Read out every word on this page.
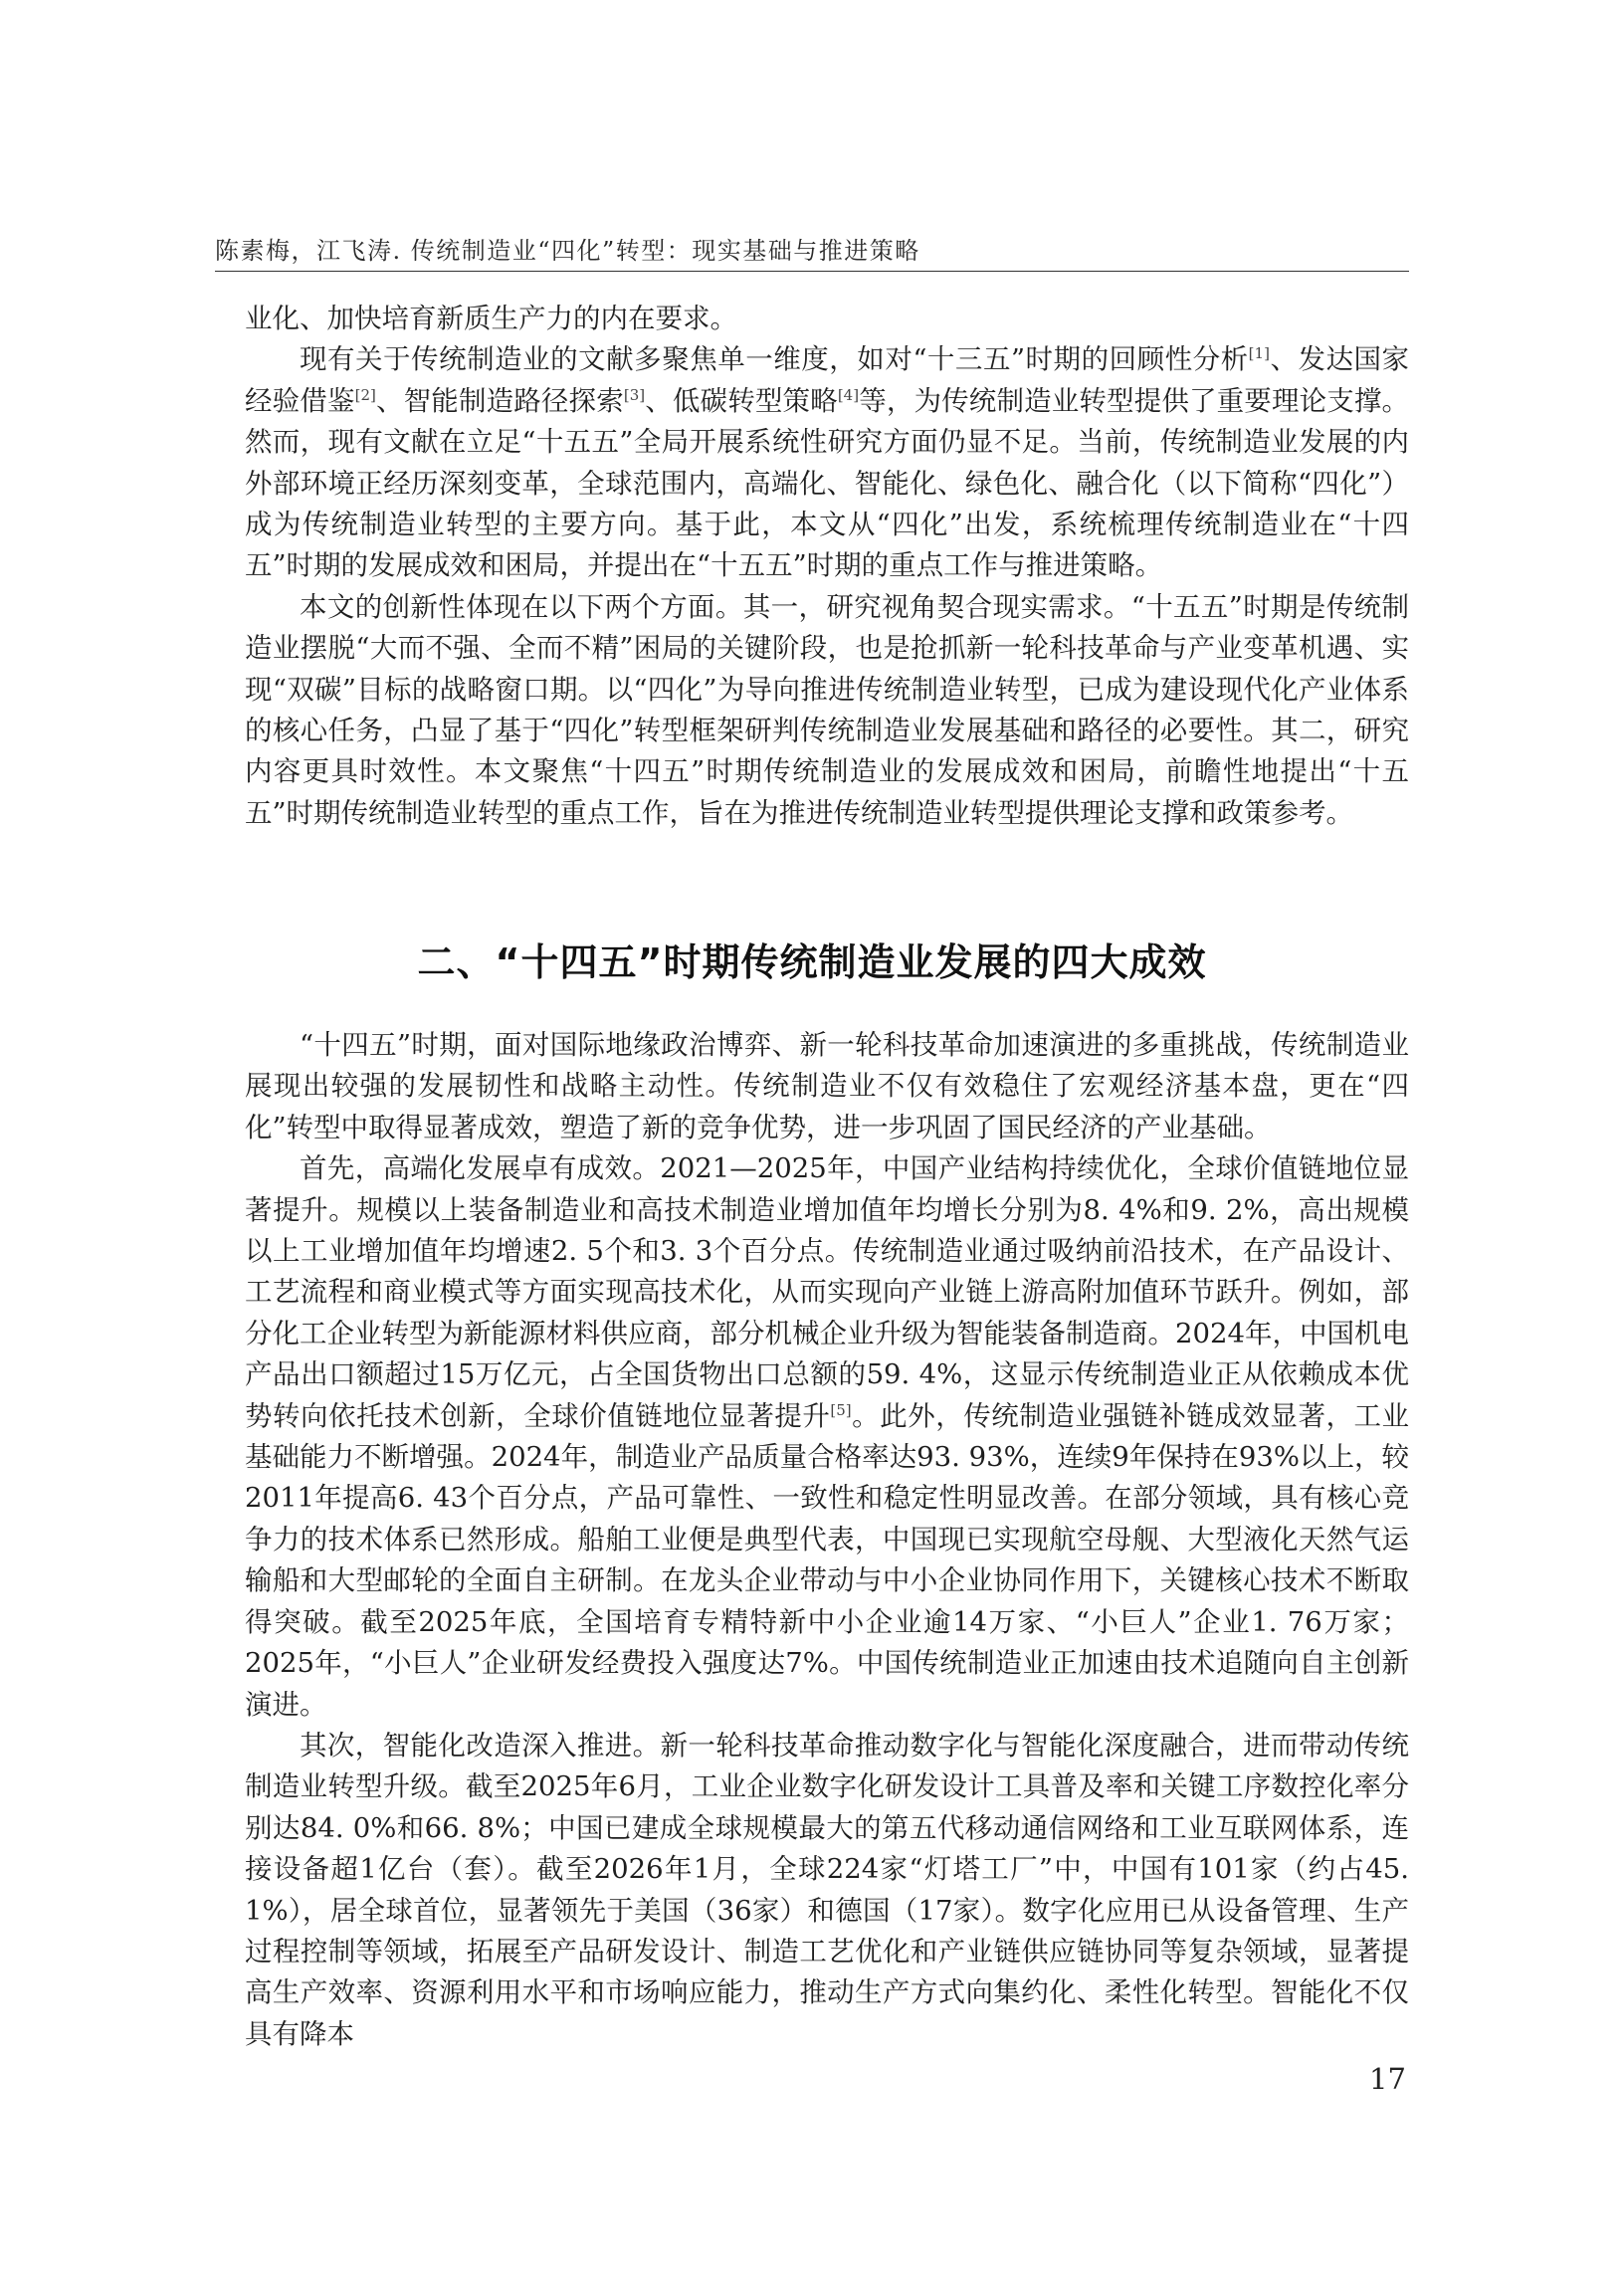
陈素梅，江飞涛. 传统制造业“四化”转型：现实基础与推进策略

业化、加快培育新质生产力的内在要求。

现有关于传统制造业的文献多聚焦单一维度，如对“十三五”时期的回顾性分析[1]、发达国家经验借鉴[2]、智能制造路径探索[3]、低碳转型策略[4]等，为传统制造业转型提供了重要理论支撑。然而，现有文献在立足“十五五”全局开展系统性研究方面仍显不足。当前，传统制造业发展的内外部环境正经历深刻变革，全球范围内，高端化、智能化、绿色化、融合化（以下简称“四化”）成为传统制造业转型的主要方向。基于此，本文从“四化”出发，系统梳理传统制造业在“十四五”时期的发展成效和困局，并提出在“十五五”时期的重点工作与推进策略。

本文的创新性体现在以下两个方面。其一，研究视角契合现实需求。“十五五”时期是传统制造业摆脱“大而不强、全而不精”困局的关键阶段，也是抢抓新一轮科技革命与产业变革机遇、实现“双碳”目标的战略窗口期。以“四化”为导向推进传统制造业转型，已成为建设现代化产业体系的核心任务，凸显了基于“四化”转型框架研判传统制造业发展基础和路径的必要性。其二，研究内容更具时效性。本文聚焦“十四五”时期传统制造业的发展成效和困局，前瞻性地提出“十五五”时期传统制造业转型的重点工作，旨在为推进传统制造业转型提供理论支撑和政策参考。

二、“十四五”时期传统制造业发展的四大成效

“十四五”时期，面对国际地缘政治博弈、新一轮科技革命加速演进的多重挑战，传统制造业展现出较强的发展韧性和战略主动性。传统制造业不仅有效稳住了宏观经济基本盘，更在“四化”转型中取得显著成效，塑造了新的竞争优势，进一步巩固了国民经济的产业基础。

首先，高端化发展卓有成效。2021—2025年，中国产业结构持续优化，全球价值链地位显著提升。规模以上装备制造业和高技术制造业增加值年均增长分别为8. 4%和9. 2%，高出规模以上工业增加值年均增速2. 5个和3. 3个百分点。传统制造业通过吸纳前沿技术，在产品设计、工艺流程和商业模式等方面实现高技术化，从而实现向产业链上游高附加值环节跃升。例如，部分化工企业转型为新能源材料供应商，部分机械企业升级为智能装备制造商。2024年，中国机电产品出口额超过15万亿元，占全国货物出口总额的59. 4%，这显示传统制造业正从依赖成本优势转向依托技术创新，全球价值链地位显著提升[5]。此外，传统制造业强链补链成效显著，工业基础能力不断增强。2024年，制造业产品质量合格率达93. 93%，连续9年保持在93%以上，较2011年提高6. 43个百分点，产品可靠性、一致性和稳定性明显改善。在部分领域，具有核心竞争力的技术体系已然形成。船舶工业便是典型代表，中国现已实现航空母舰、大型液化天然气运输船和大型邮轮的全面自主研制。在龙头企业带动与中小企业协同作用下，关键核心技术不断取得突破。截至2025年底，全国培育专精特新中小企业逾14万家、“小巨人”企业1. 76万家；2025年，“小巨人”企业研发经费投入强度达7%。中国传统制造业正加速由技术追随向自主创新演进。

其次，智能化改造深入推进。新一轮科技革命推动数字化与智能化深度融合，进而带动传统制造业转型升级。截至2025年6月，工业企业数字化研发设计工具普及率和关键工序数控化率分别达84. 0%和66. 8%；中国已建成全球规模最大的第五代移动通信网络和工业互联网体系，连接设备超1亿台（套）。截至2026年1月，全球224家“灯塔工厂”中，中国有101家（约占45. 1%），居全球首位，显著领先于美国（36家）和德国（17家）。数字化应用已从设备管理、生产过程控制等领域，拓展至产品研发设计、制造工艺优化和产业链供应链协同等复杂领域，显著提高生产效率、资源利用水平和市场响应能力，推动生产方式向集约化、柔性化转型。智能化不仅具有降本

17
